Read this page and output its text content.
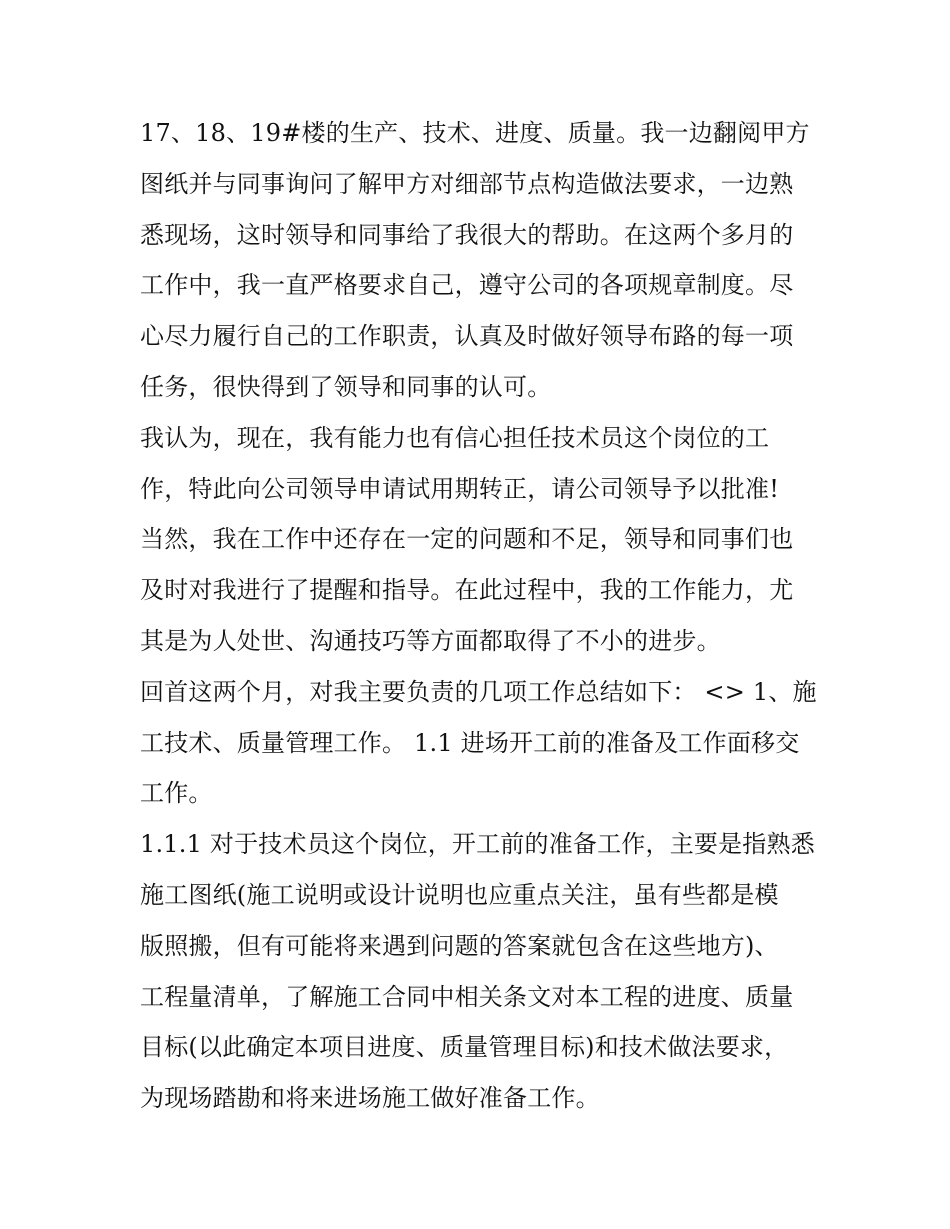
17、18、19#楼的生产、技术、进度、质量。我一边翻阅甲方
图纸并与同事询问了解甲方对细部节点构造做法要求，一边熟
悉现场，这时领导和同事给了我很大的帮助。在这两个多月的
工作中，我一直严格要求自己，遵守公司的各项规章制度。尽
心尽力履行自己的工作职责，认真及时做好领导布路的每一项
任务，很快得到了领导和同事的认可。
我认为，现在，我有能力也有信心担任技术员这个岗位的工
作，特此向公司领导申请试用期转正，请公司领导予以批准!
当然，我在工作中还存在一定的问题和不足，领导和同事们也
及时对我进行了提醒和指导。在此过程中，我的工作能力，尤
其是为人处世、沟通技巧等方面都取得了不小的进步。
回首这两个月，对我主要负责的几项工作总结如下： <> 1、施
工技术、质量管理工作。 1.1 进场开工前的准备及工作面移交
工作。
1.1.1 对于技术员这个岗位，开工前的准备工作，主要是指熟悉
施工图纸(施工说明或设计说明也应重点关注，虽有些都是模
版照搬，但有可能将来遇到问题的答案就包含在这些地方)、
工程量清单，了解施工合同中相关条文对本工程的进度、质量
目标(以此确定本项目进度、质量管理目标)和技术做法要求，
为现场踏勘和将来进场施工做好准备工作。
